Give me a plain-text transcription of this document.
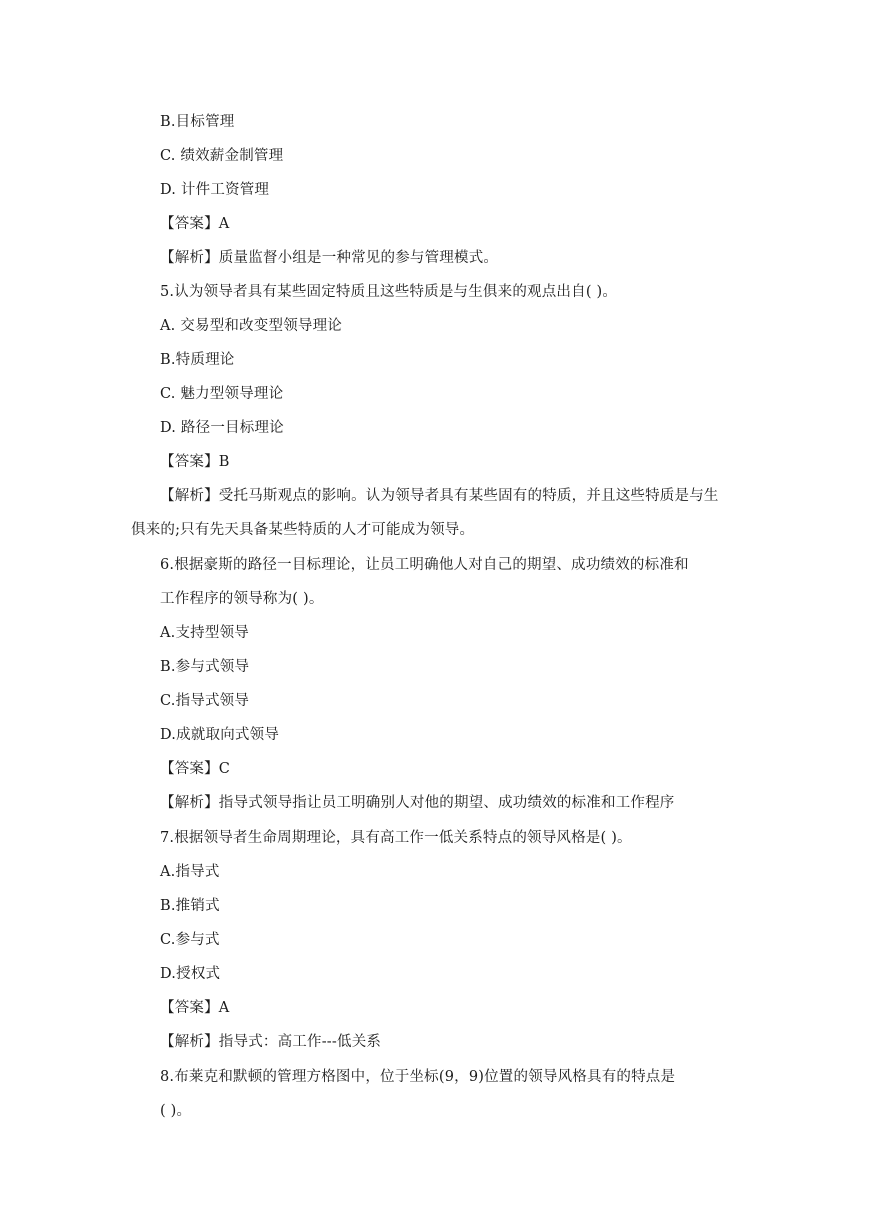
B.目标管理
C. 绩效薪金制管理
D. 计件工资管理
【答案】A
【解析】质量监督小组是一种常见的参与管理模式。
5.认为领导者具有某些固定特质且这些特质是与生俱来的观点出自( )。
A. 交易型和改变型领导理论
B.特质理论
C. 魅力型领导理论
D. 路径一目标理论
【答案】B
【解析】受托马斯观点的影响。认为领导者具有某些固有的特质，并且这些特质是与生
俱来的;只有先天具备某些特质的人才可能成为领导。
6.根据豪斯的路径一目标理论，让员工明确他人对自己的期望、成功绩效的标准和
工作程序的领导称为( )。
A.支持型领导
B.参与式领导
C.指导式领导
D.成就取向式领导
【答案】C
【解析】指导式领导指让员工明确别人对他的期望、成功绩效的标准和工作程序
7.根据领导者生命周期理论，具有高工作一低关系特点的领导风格是( )。
A.指导式
B.推销式
C.参与式
D.授权式
【答案】A
【解析】指导式：高工作---低关系
8.布莱克和默顿的管理方格图中，位于坐标(9，9)位置的领导风格具有的特点是
( )。
